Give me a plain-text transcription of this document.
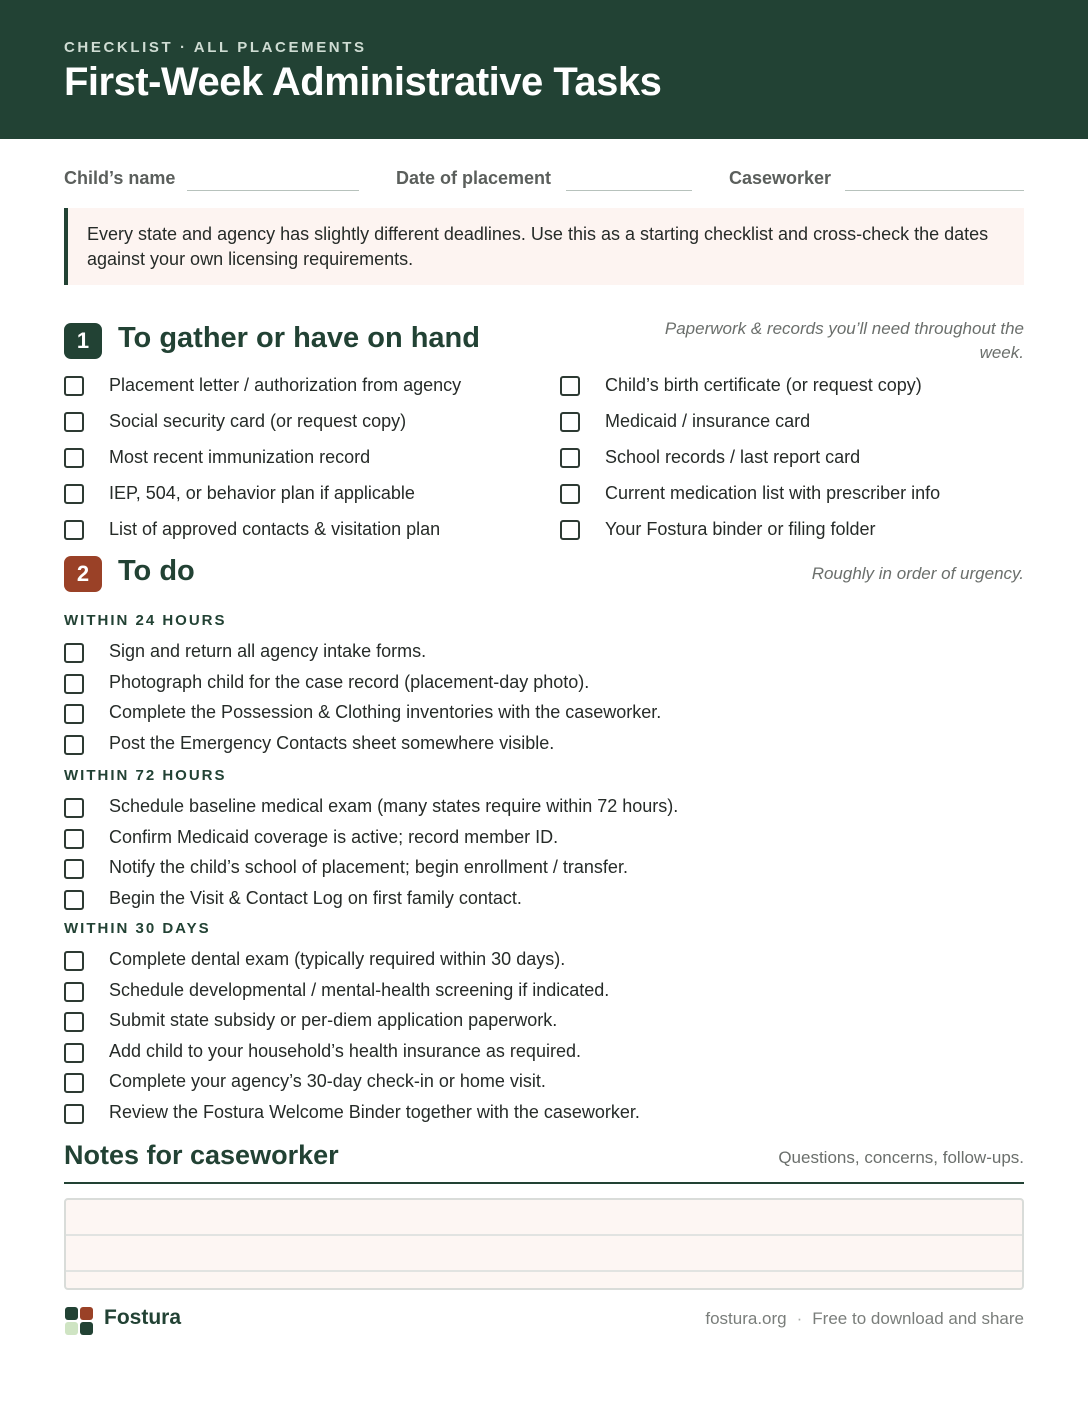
CHECKLIST · ALL PLACEMENTS
First-Week Administrative Tasks
Child’s name	Date of placement	Caseworker
Every state and agency has slightly different deadlines. Use this as a starting checklist and cross-check the dates against your own licensing requirements.
1 To gather or have on hand	Paperwork & records you’ll need throughout the week.
Placement letter / authorization from agency
Social security card (or request copy)
Most recent immunization record
IEP, 504, or behavior plan if applicable
List of approved contacts & visitation plan
Child’s birth certificate (or request copy)
Medicaid / insurance card
School records / last report card
Current medication list with prescriber info
Your Fostura binder or filing folder
2 To do	Roughly in order of urgency.
WITHIN 24 HOURS
Sign and return all agency intake forms.
Photograph child for the case record (placement-day photo).
Complete the Possession & Clothing inventories with the caseworker.
Post the Emergency Contacts sheet somewhere visible.
WITHIN 72 HOURS
Schedule baseline medical exam (many states require within 72 hours).
Confirm Medicaid coverage is active; record member ID.
Notify the child’s school of placement; begin enrollment / transfer.
Begin the Visit & Contact Log on first family contact.
WITHIN 30 DAYS
Complete dental exam (typically required within 30 days).
Schedule developmental / mental-health screening if indicated.
Submit state subsidy or per-diem application paperwork.
Add child to your household’s health insurance as required.
Complete your agency’s 30-day check-in or home visit.
Review the Fostura Welcome Binder together with the caseworker.
Notes for caseworker	Questions, concerns, follow-ups.
Fostura	fostura.org · Free to download and share
